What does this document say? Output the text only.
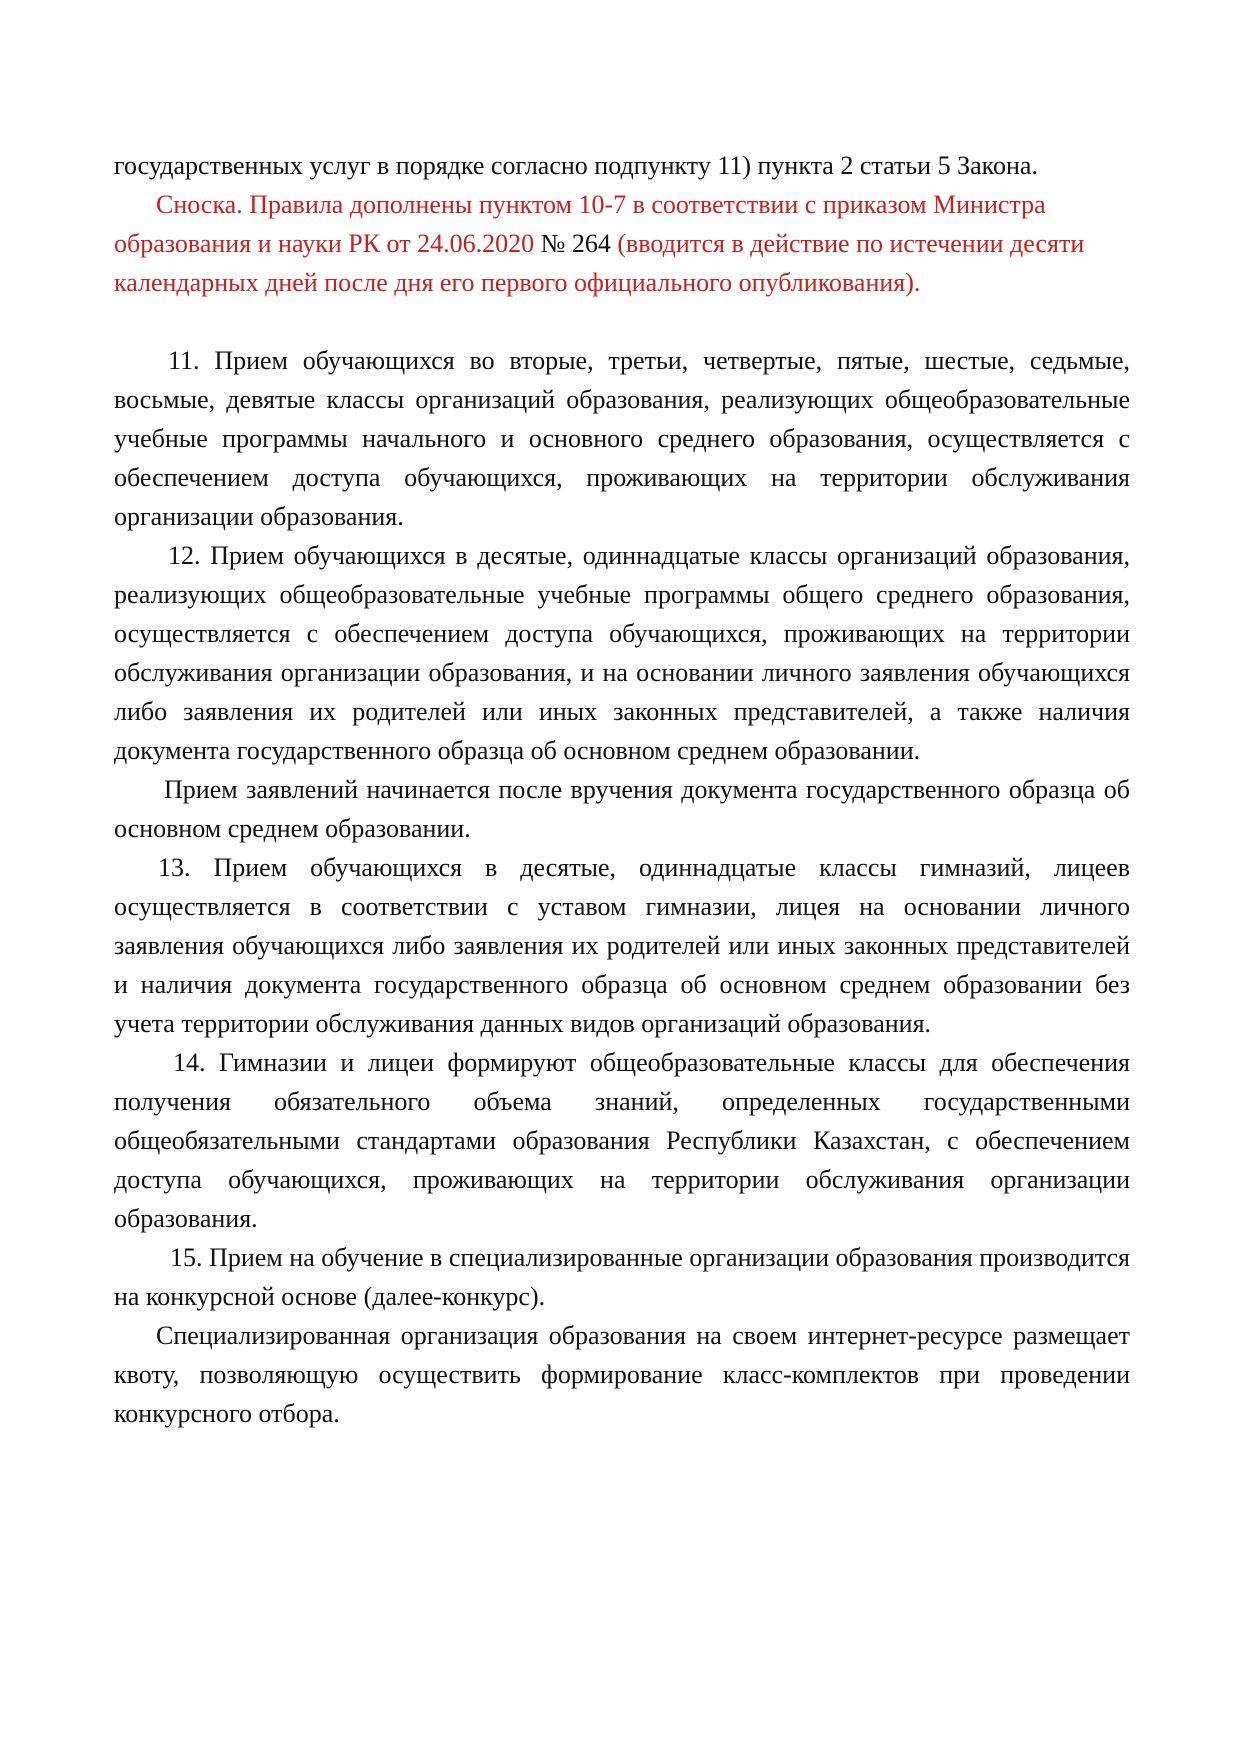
государственных услуг в порядке согласно подпункту 11) пункта 2 статьи 5 Закона.

Сноска. Правила дополнены пунктом 10-7 в соответствии с приказом Министра образования и науки РК от 24.06.2020 № 264 (вводится в действие по истечении десяти календарных дней после дня его первого официального опубликования).

11. Прием обучающихся во вторые, третьи, четвертые, пятые, шестые, седьмые, восьмые, девятые классы организаций образования, реализующих общеобразовательные учебные программы начального и основного среднего образования, осуществляется с обеспечением доступа обучающихся, проживающих на территории обслуживания организации образования.

12. Прием обучающихся в десятые, одиннадцатые классы организаций образования, реализующих общеобразовательные учебные программы общего среднего образования, осуществляется с обеспечением доступа обучающихся, проживающих на территории обслуживания организации образования, и на основании личного заявления обучающихся либо заявления их родителей или иных законных представителей, а также наличия документа государственного образца об основном среднем образовании.

Прием заявлений начинается после вручения документа государственного образца об основном среднем образовании.

13. Прием обучающихся в десятые, одиннадцатые классы гимназий, лицеев осуществляется в соответствии с уставом гимназии, лицея на основании личного заявления обучающихся либо заявления их родителей или иных законных представителей и наличия документа государственного образца об основном среднем образовании без учета территории обслуживания данных видов организаций образования.

14. Гимназии и лицеи формируют общеобразовательные классы для обеспечения получения обязательного объема знаний, определенных государственными общеобязательными стандартами образования Республики Казахстан, с обеспечением доступа обучающихся, проживающих на территории обслуживания организации образования.

15. Прием на обучение в специализированные организации образования производится на конкурсной основе (далее-конкурс).

Специализированная организация образования на своем интернет-ресурсе размещает квоту, позволяющую осуществить формирование класс-комплектов при проведении конкурсного отбора.
